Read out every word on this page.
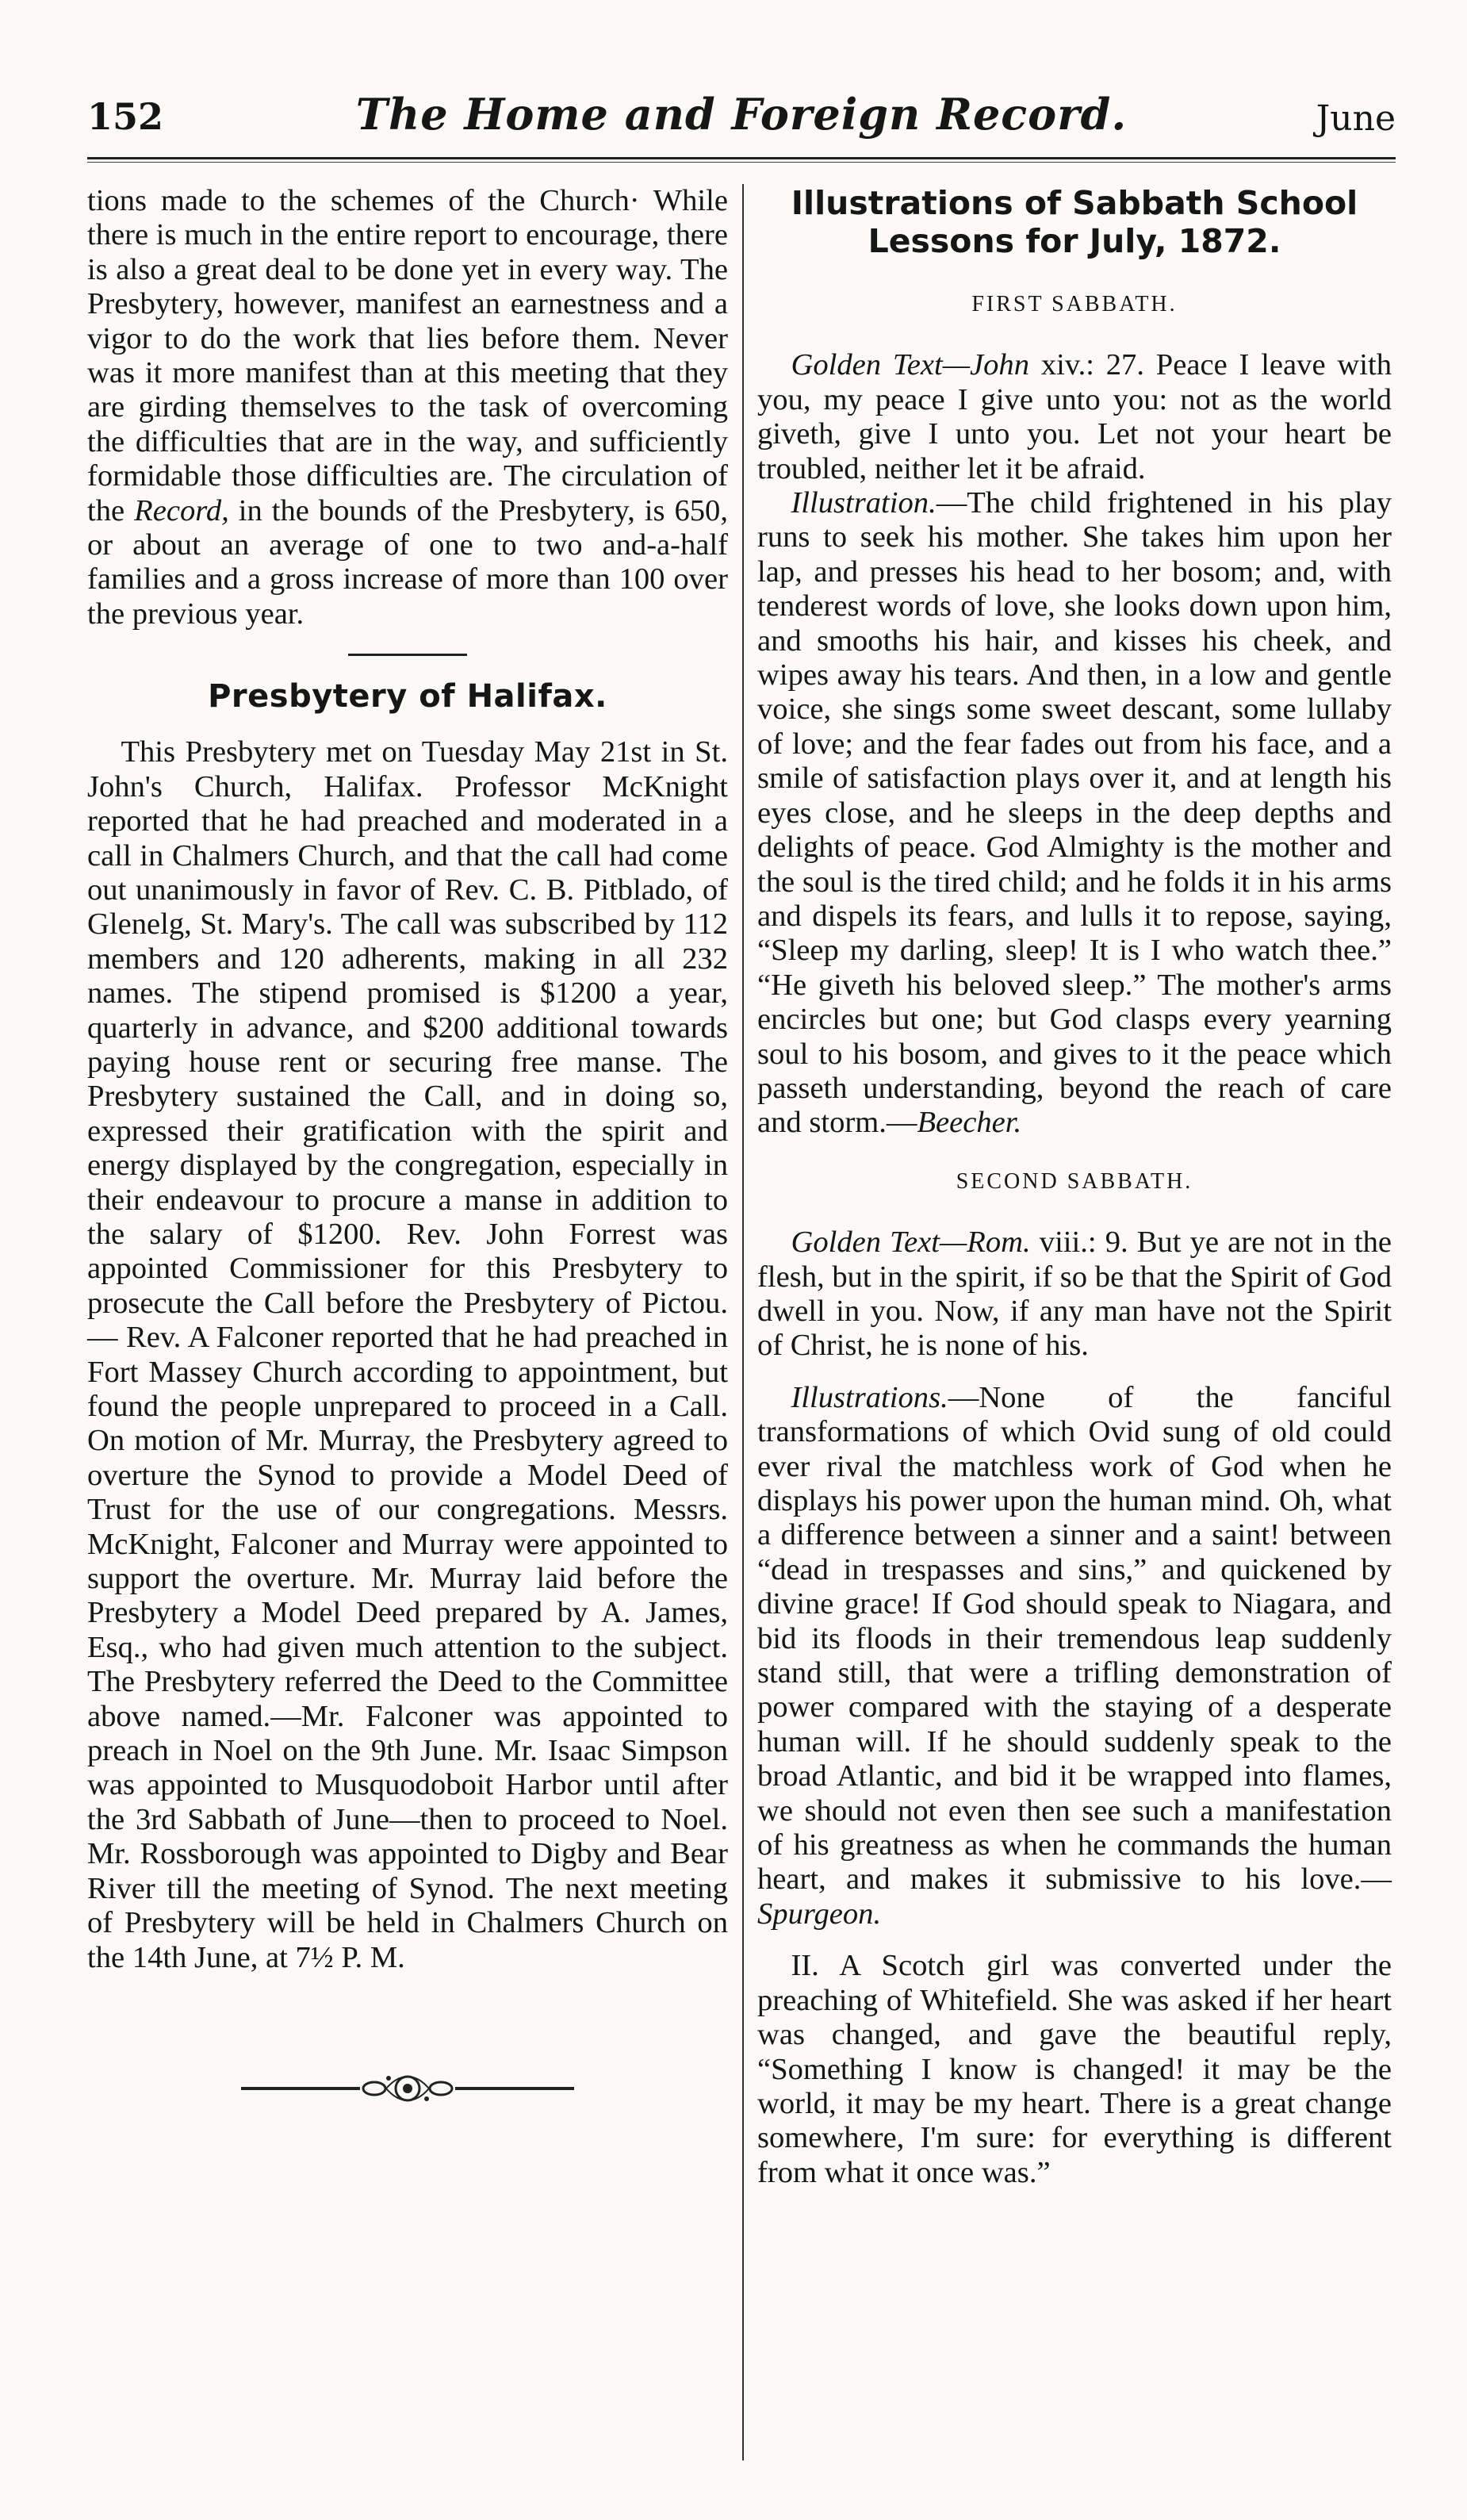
152	The Home and Foreign Record.	June

tions made to the schemes of the Church· While there is much in the entire report to encourage, there is also a great deal to be done yet in every way. The Presbytery, however, manifest an earnestness and a vigor to do the work that lies before them. Never was it more manifest than at this meeting that they are girding themselves to the task of overcoming the difficulties that are in the way, and sufficiently formidable those difficulties are. The circulation of the Record, in the bounds of the Presbytery, is 650, or about an average of one to two and-a-half families and a gross increase of more than 100 over the previous year.

Presbytery of Halifax.

This Presbytery met on Tuesday May 21st in St. John's Church, Halifax. Professor McKnight reported that he had preached and moderated in a call in Chalmers Church, and that the call had come out unanimously in favor of Rev. C. B. Pitblado, of Glenelg, St. Mary's. The call was subscribed by 112 members and 120 adherents, making in all 232 names. The stipend promised is $1200 a year, quarterly in advance, and $200 additional towards paying house rent or securing free manse. The Presbytery sustained the Call, and in doing so, expressed their gratification with the spirit and energy displayed by the congregation, especially in their endeavour to procure a manse in addition to the salary of $1200. Rev. John Forrest was appointed Commissioner for this Presbytery to prosecute the Call before the Presbytery of Pictou.— Rev. A Falconer reported that he had preached in Fort Massey Church according to appointment, but found the people unprepared to proceed in a Call. On motion of Mr. Murray, the Presbytery agreed to overture the Synod to provide a Model Deed of Trust for the use of our congregations. Messrs. McKnight, Falconer and Murray were appointed to support the overture. Mr. Murray laid before the Presbytery a Model Deed prepared by A. James, Esq., who had given much attention to the subject. The Presbytery referred the Deed to the Committee above named.—Mr. Falconer was appointed to preach in Noel on the 9th June. Mr. Isaac Simpson was appointed to Musquodoboit Harbor until after the 3rd Sabbath of June—then to proceed to Noel. Mr. Rossborough was appointed to Digby and Bear River till the meeting of Synod. The next meeting of Presbytery will be held in Chalmers Church on the 14th June, at 7½ P. M.

Illustrations of Sabbath School Lessons for July, 1872.
FIRST SABBATH.

Golden Text—John xiv.: 27. Peace I leave with you, my peace I give unto you: not as the world giveth, give I unto you. Let not your heart be troubled, neither let it be afraid.

Illustration.—The child frightened in his play runs to seek his mother. She takes him upon her lap, and presses his head to her bosom; and, with tenderest words of love, she looks down upon him, and smooths his hair, and kisses his cheek, and wipes away his tears. And then, in a low and gentle voice, she sings some sweet descant, some lullaby of love; and the fear fades out from his face, and a smile of satisfaction plays over it, and at length his eyes close, and he sleeps in the deep depths and delights of peace. God Almighty is the mother and the soul is the tired child; and he folds it in his arms and dispels its fears, and lulls it to repose, saying, “Sleep my darling, sleep! It is I who watch thee.” “He giveth his beloved sleep.” The mother's arms encircles but one; but God clasps every yearning soul to his bosom, and gives to it the peace which passeth understanding, beyond the reach of care and storm.—Beecher.

SECOND SABBATH.

Golden Text—Rom. viii.: 9. But ye are not in the flesh, but in the spirit, if so be that the Spirit of God dwell in you. Now, if any man have not the Spirit of Christ, he is none of his.

Illustrations.—None of the fanciful transformations of which Ovid sung of old could ever rival the matchless work of God when he displays his power upon the human mind. Oh, what a difference between a sinner and a saint! between “dead in trespasses and sins,” and quickened by divine grace! If God should speak to Niagara, and bid its floods in their tremendous leap suddenly stand still, that were a trifling demonstration of power compared with the staying of a desperate human will. If he should suddenly speak to the broad Atlantic, and bid it be wrapped into flames, we should not even then see such a manifestation of his greatness as when he commands the human heart, and makes it submissive to his love.—Spurgeon.

II. A Scotch girl was converted under the preaching of Whitefield. She was asked if her heart was changed, and gave the beautiful reply, “Something I know is changed! it may be the world, it may be my heart. There is a great change somewhere, I'm sure: for everything is different from what it once was.”
